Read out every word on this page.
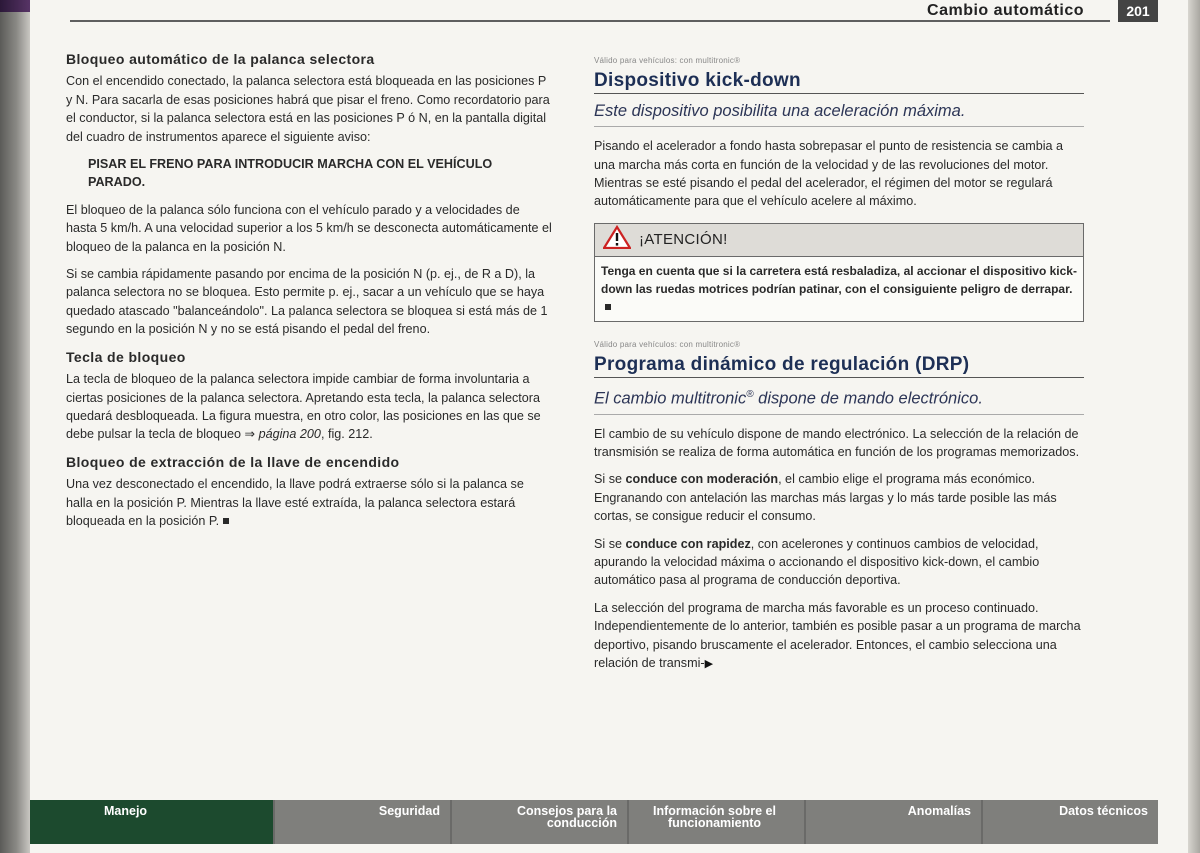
Cambio automático	201
Bloqueo automático de la palanca selectora

Con el encendido conectado, la palanca selectora está bloqueada en las posiciones P y N. Para sacarla de esas posiciones habrá que pisar el freno. Como recordatorio para el conductor, si la palanca selectora está en las posiciones P ó N, en la pantalla digital del cuadro de instrumentos aparece el siguiente aviso:

PISAR EL FRENO PARA INTRODUCIR MARCHA CON EL VEHÍCULO PARADO.

El bloqueo de la palanca sólo funciona con el vehículo parado y a velocidades de hasta 5 km/h. A una velocidad superior a los 5 km/h se desconecta automáticamente el bloqueo de la palanca en la posición N.

Si se cambia rápidamente pasando por encima de la posición N (p. ej., de R a D), la palanca selectora no se bloquea. Esto permite p. ej., sacar a un vehículo que se haya quedado atascado "balanceándolo". La palanca selectora se bloquea si está más de 1 segundo en la posición N y no se está pisando el pedal del freno.

Tecla de bloqueo

La tecla de bloqueo de la palanca selectora impide cambiar de forma involuntaria a ciertas posiciones de la palanca selectora. Apretando esta tecla, la palanca selectora quedará desbloqueada. La figura muestra, en otro color, las posiciones en las que se debe pulsar la tecla de bloqueo ⇒ página 200, fig. 212.

Bloqueo de extracción de la llave de encendido

Una vez desconectado el encendido, la llave podrá extraerse sólo si la palanca se halla en la posición P. Mientras la llave esté extraída, la palanca selectora estará bloqueada en la posición P.

Válido para vehículos: con multitronic®
Dispositivo kick-down
Este dispositivo posibilita una aceleración máxima.

Pisando el acelerador a fondo hasta sobrepasar el punto de resistencia se cambia a una marcha más corta en función de la velocidad y de las revoluciones del motor. Mientras se esté pisando el pedal del acelerador, el régimen del motor se regulará automáticamente para que el vehículo acelere al máximo.

¡ATENCIÓN!
Tenga en cuenta que si la carretera está resbaladiza, al accionar el dispositivo kick-down las ruedas motrices podrían patinar, con el consiguiente peligro de derrapar.
Válido para vehículos: con multitronic®
Programa dinámico de regulación (DRP)
El cambio multitronic® dispone de mando electrónico.

El cambio de su vehículo dispone de mando electrónico. La selección de la relación de transmisión se realiza de forma automática en función de los programas memorizados.

Si se conduce con moderación, el cambio elige el programa más económico. Engranando con antelación las marchas más largas y lo más tarde posible las más cortas, se consigue reducir el consumo.

Si se conduce con rapidez, con acelerones y continuos cambios de velocidad, apurando la velocidad máxima o accionando el dispositivo kick-down, el cambio automático pasa al programa de conducción deportiva.

La selección del programa de marcha más favorable es un proceso continuado. Independientemente de lo anterior, también es posible pasar a un programa de marcha deportivo, pisando bruscamente el acelerador. Entonces, el cambio selecciona una relación de transmi-▶

Manejo	Seguridad	Consejos para la conducción
Información sobre el funcionamiento
Anomalías	Datos técnicos
